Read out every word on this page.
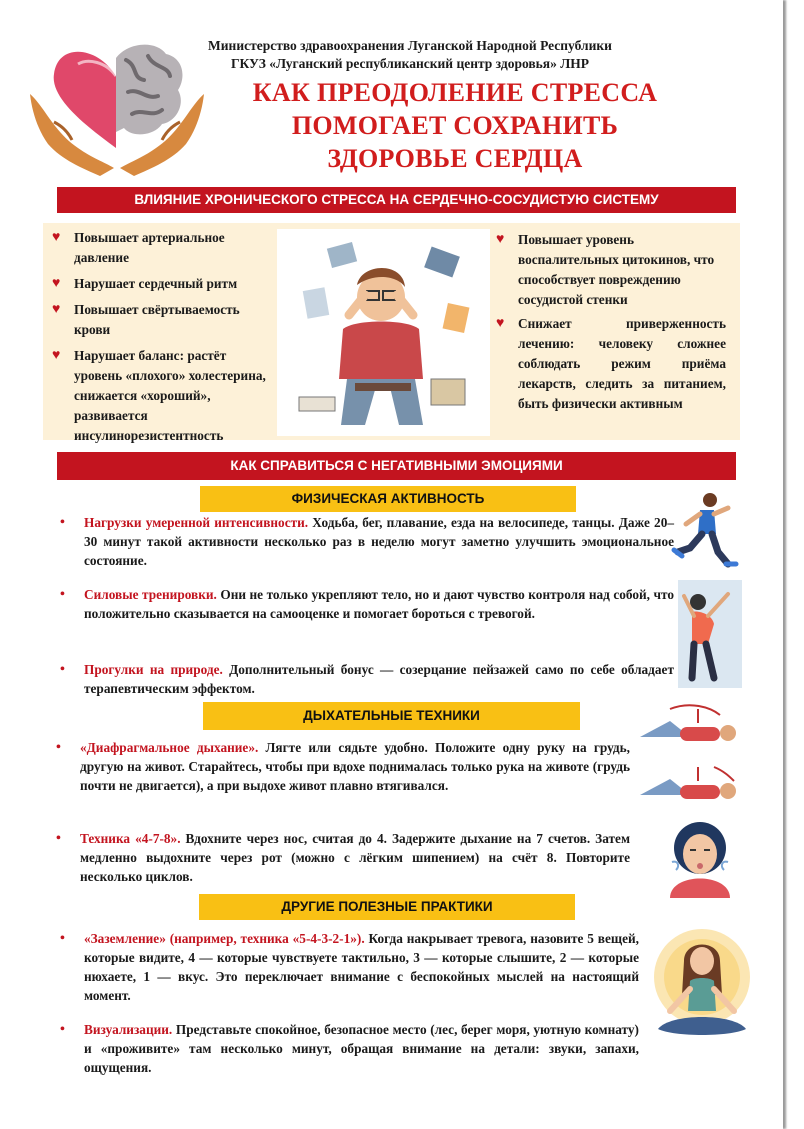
Министерство здравоохранения Луганской Народной Республики
ГКУЗ «Луганский республиканский центр здоровья» ЛНР
КАК ПРЕОДОЛЕНИЕ СТРЕССА
ПОМОГАЕТ СОХРАНИТЬ
ЗДОРОВЬЕ СЕРДЦА
ВЛИЯНИЕ ХРОНИЧЕСКОГО СТРЕССА НА СЕРДЕЧНО-СОСУДИСТУЮ СИСТЕМУ
♥ Повышает артериальное давление
♥ Нарушает сердечный ритм
♥ Повышает свёртываемость крови
♥ Нарушает баланс: растёт уровень «плохого» холестерина, снижается «хороший», развивается инсулинорезистентность
♥ Повышает уровень воспалительных цитокинов, что способствует повреждению сосудистой стенки
♥ Снижает приверженность лечению: человеку сложнее соблюдать режим приёма лекарств, следить за питанием, быть физически активным
КАК СПРАВИТЬСЯ С НЕГАТИВНЫМИ ЭМОЦИЯМИ
ФИЗИЧЕСКАЯ АКТИВНОСТЬ
• Нагрузки умеренной интенсивности. Ходьба, бег, плавание, езда на велосипеде, танцы. Даже 20–30 минут такой активности несколько раз в неделю могут заметно улучшить эмоциональное состояние.
• Силовые тренировки. Они не только укрепляют тело, но и дают чувство контроля над собой, что положительно сказывается на самооценке и помогает бороться с тревогой.
• Прогулки на природе. Дополнительный бонус — созерцание пейзажей само по себе обладает терапевтическим эффектом.
ДЫХАТЕЛЬНЫЕ ТЕХНИКИ
• «Диафрагмальное дыхание». Лягте или сядьте удобно. Положите одну руку на грудь, другую на живот. Старайтесь, чтобы при вдохе поднималась только рука на животе (грудь почти не двигается), а при выдохе живот плавно втягивался.
• Техника «4-7-8». Вдохните через нос, считая до 4. Задержите дыхание на 7 счетов. Затем медленно выдохните через рот (можно с лёгким шипением) на счёт 8. Повторите несколько циклов.
ДРУГИЕ ПОЛЕЗНЫЕ ПРАКТИКИ
• «Заземление» (например, техника «5-4-3-2-1»). Когда накрывает тревога, назовите 5 вещей, которые видите, 4 — которые чувствуете тактильно, 3 — которые слышите, 2 — которые нюхаете, 1 — вкус. Это переключает внимание с беспокойных мыслей на настоящий момент.
• Визуализации. Представьте спокойное, безопасное место (лес, берег моря, уютную комнату) и «проживите» там несколько минут, обращая внимание на детали: звуки, запахи, ощущения.
